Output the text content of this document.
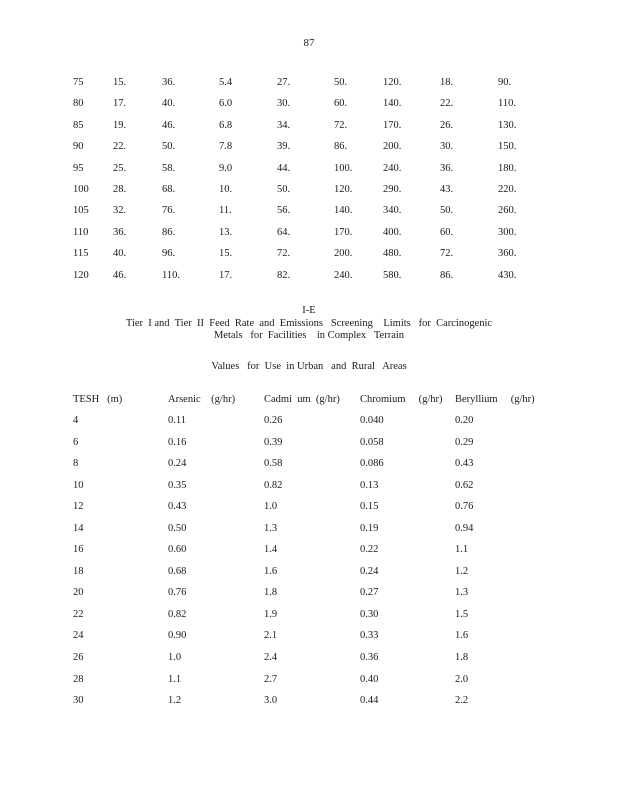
87
75	15.	36.	5.4	27.	50.	120.	18.	90.
80	17.	40.	6.0	30.	60.	140.	22.	110.
85	19.	46.	6.8	34.	72.	170.	26.	130.
90	22.	50.	7.8	39.	86.	200.	30.	150.
95	25.	58.	9.0	44.	100.	240.	36.	180.
100 28.	68.	10.	50.	120.	290.	43.	220.
105 32.	76.	11.	56.	140.	340.	50.	260.
110 36.	86.	13.	64.	170.	400.	60.	300.
115 40.	96.	15.	72.	200.	480.	72.	360.
120 46.	110.	17.	82.	240.	580.	86.	430.
I-E
Tier  I and  Tier  II  Feed  Rate  and  Emissions   Screening    Limits   for  Carcinogenic
Metals   for  Facilities    in Complex   Terrain
Values   for  Use  in Urban   and  Rural   Areas
TESH   (m)	Arsenic    (g/hr)	Cadmi  um  (g/hr) Chromium     (g/hr) Beryllium     (g/hr)
4	0.11	0.26	0.040	0.20
6	0.16	0.39	0.058	0.29
8	0.24	0.58	0.086	0.43
10	0.35	0.82	0.13	0.62
12	0.43	1.0	0.15	0.76
14	0.50	1.3	0.19	0.94
16	0.60	1.4	0.22	1.1
18	0.68	1.6	0.24	1.2
20	0.76	1.8	0.27	1.3
22	0.82	1.9	0.30	1.5
24	0.90	2.1	0.33	1.6
26	1.0	2.4	0.36	1.8
28	1.1	2.7	0.40	2.0
30	1.2	3.0	0.44	2.2
